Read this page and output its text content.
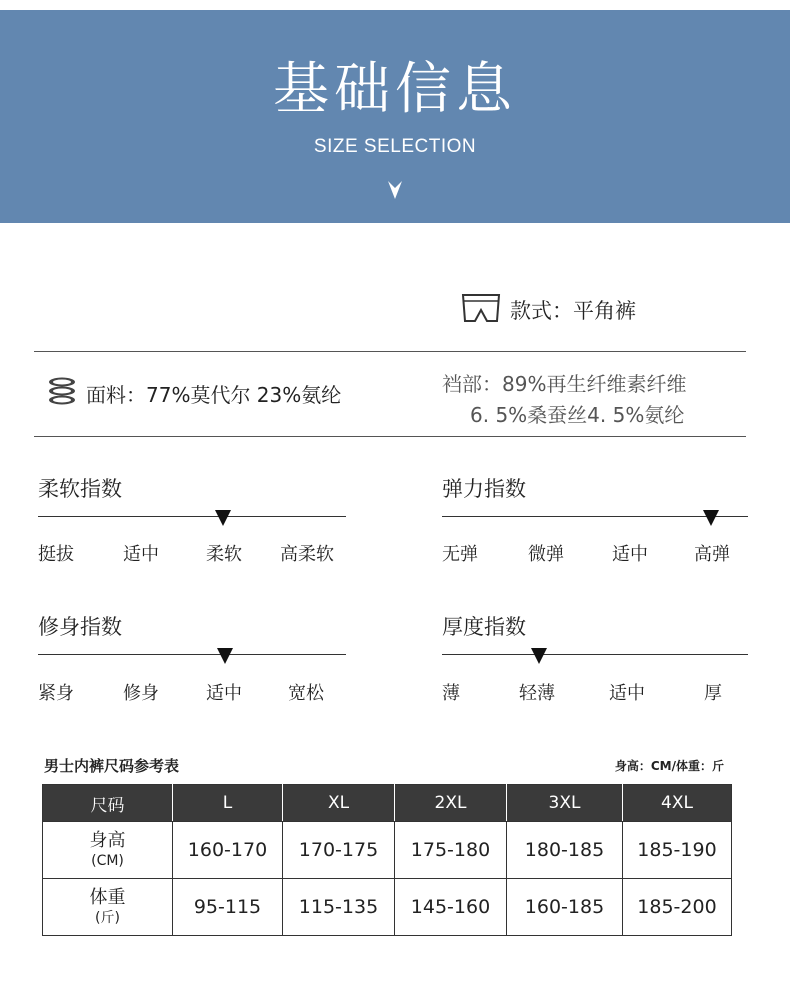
基础信息
SIZE SELECTION
款式：平角裤
面料：77%莫代尔 23%氨纶	裆部：89%再生纤维素纤维
6. 5%桑蚕丝4. 5%氨纶
柔软指数
挺拔	适中	柔软 高柔软
弹力指数
无弹	微弹	适中	高弹
修身指数
紧身	修身	适中	宽松
厚度指数
薄	轻薄	适中	厚
男士内裤尺码参考表	身高：CM/体重：斤
尺码	L	XL	2XL	3XL	4XL

身高
(CM)	160-170	170-175	175-180	180-185	185-190

体重
(斤)	95-115	115-135	145-160	160-185	185-200
